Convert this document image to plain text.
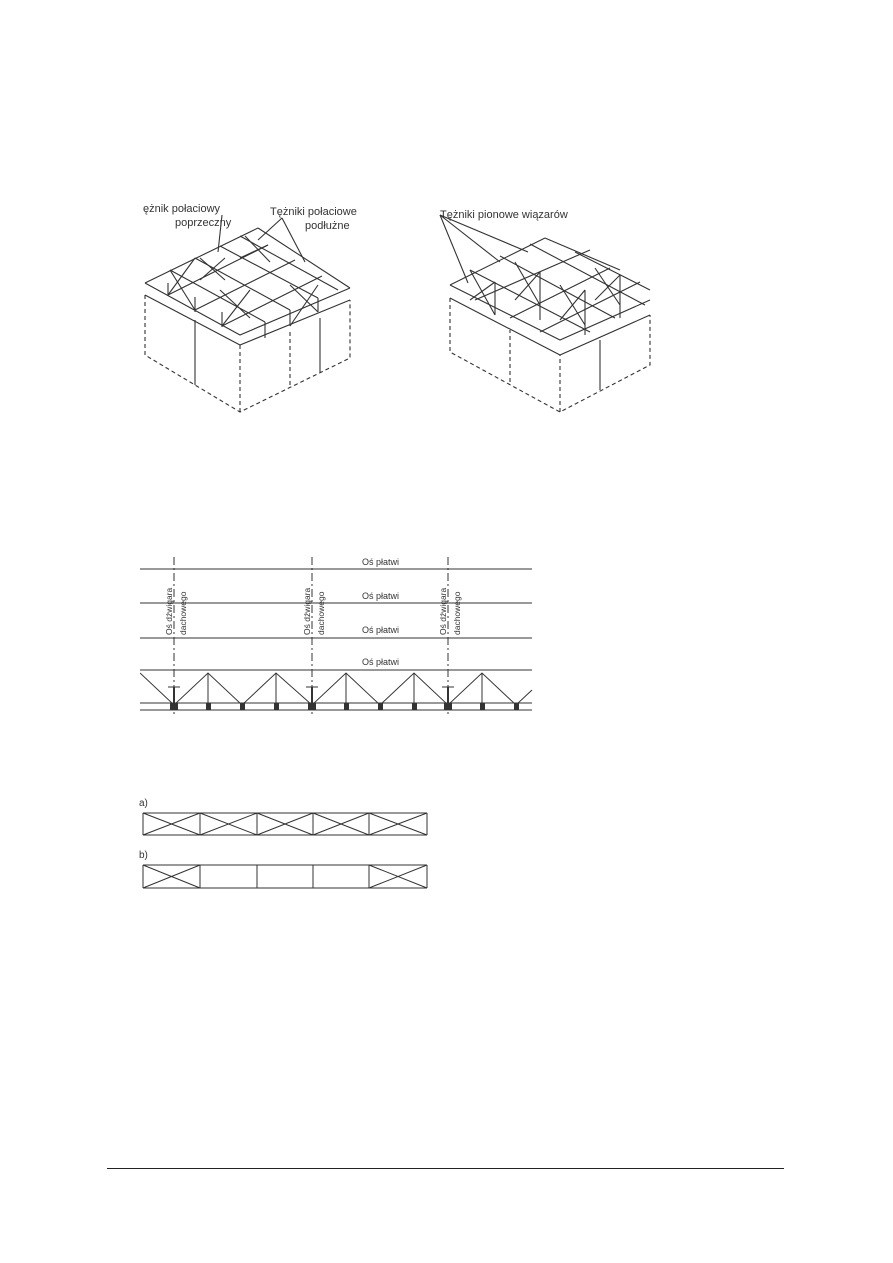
ężnik połaciowy
poprzeczny
Tężniki połaciowe
podłużne
Tężniki pionowe wiązarów
Oś płatwi
Oś płatwi
Oś płatwi
Oś płatwi
Oś dźwigara dachowego	Oś dźwigara dachowego	Oś dźwigara dachowego
a)
b)
